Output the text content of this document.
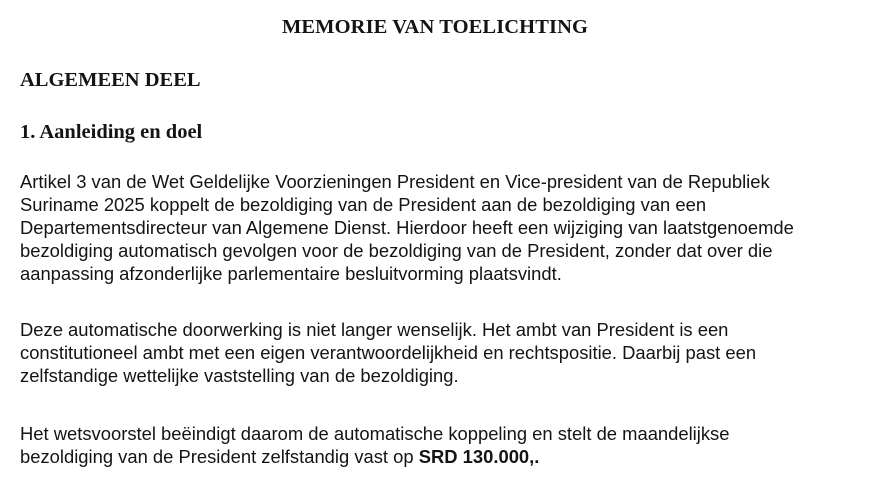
MEMORIE VAN TOELICHTING
ALGEMEEN DEEL
1. Aanleiding en doel

Artikel 3 van de Wet Geldelijke Voorzieningen President en Vice-president van de Republiek
Suriname 2025 koppelt de bezoldiging van de President aan de bezoldiging van een
Departementsdirecteur van Algemene Dienst. Hierdoor heeft een wijziging van laatstgenoemde
bezoldiging automatisch gevolgen voor de bezoldiging van de President, zonder dat over die
aanpassing afzonderlijke parlementaire besluitvorming plaatsvindt.

Deze automatische doorwerking is niet langer wenselijk. Het ambt van President is een
constitutioneel ambt met een eigen verantwoordelijkheid en rechtspositie. Daarbij past een
zelfstandige wettelijke vaststelling van de bezoldiging.

Het wetsvoorstel beëindigt daarom de automatische koppeling en stelt de maandelijkse
bezoldiging van de President zelfstandig vast op SRD 130.000,.
